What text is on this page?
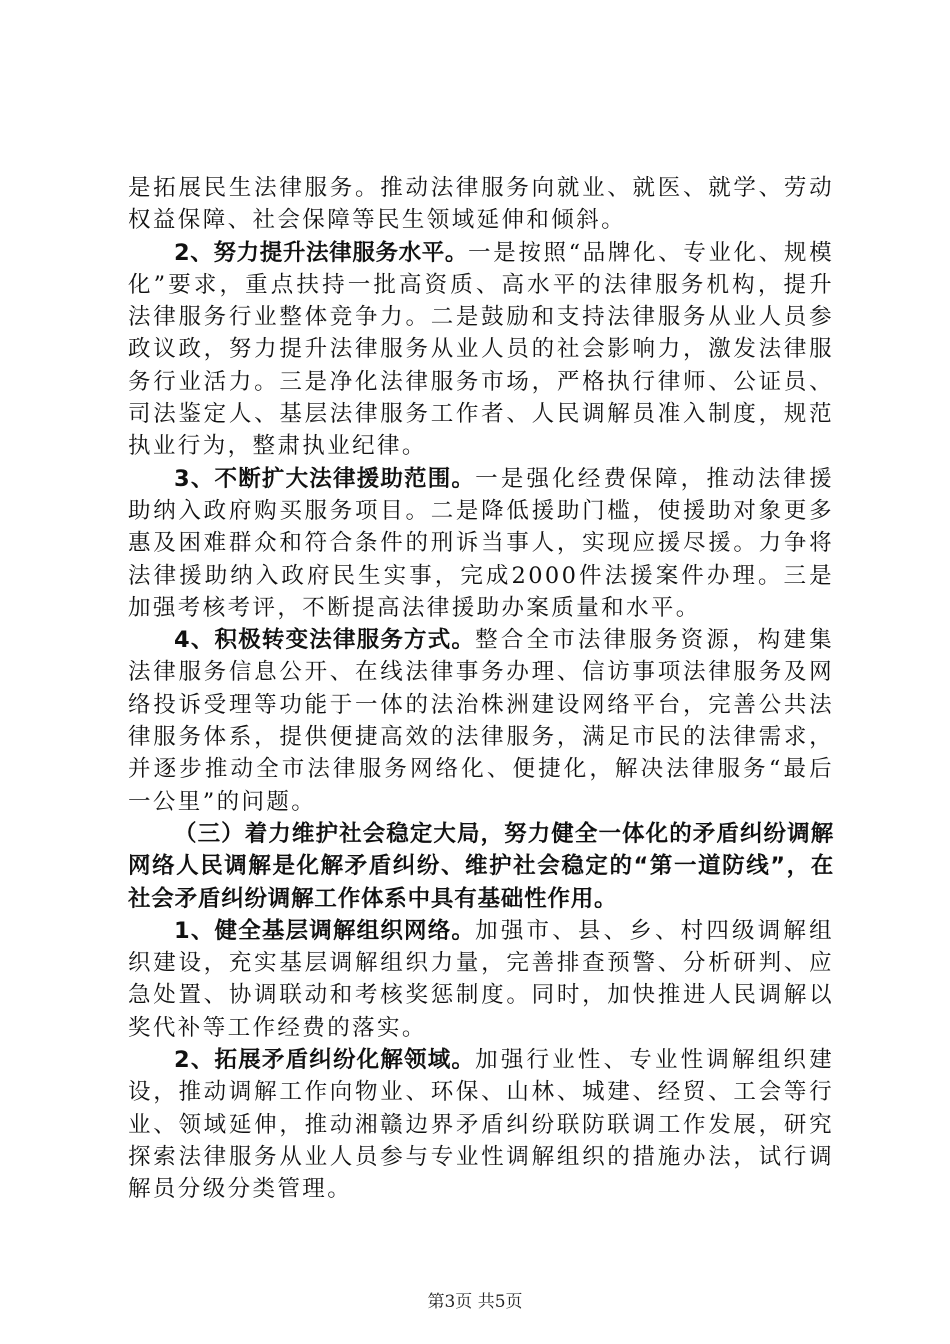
是拓展民生法律服务。推动法律服务向就业、就医、就学、劳动权益保障、社会保障等民生领域延伸和倾斜。

2、努力提升法律服务水平。一是按照“品牌化、专业化、规模化”要求，重点扶持一批高资质、高水平的法律服务机构，提升法律服务行业整体竞争力。二是鼓励和支持法律服务从业人员参政议政，努力提升法律服务从业人员的社会影响力，激发法律服务行业活力。三是净化法律服务市场，严格执行律师、公证员、司法鉴定人、基层法律服务工作者、人民调解员准入制度，规范执业行为，整肃执业纪律。

3、不断扩大法律援助范围。一是强化经费保障，推动法律援助纳入政府购买服务项目。二是降低援助门槛，使援助对象更多惠及困难群众和符合条件的刑诉当事人，实现应援尽援。力争将法律援助纳入政府民生实事，完成2000件法援案件办理。三是加强考核考评，不断提高法律援助办案质量和水平。

4、积极转变法律服务方式。整合全市法律服务资源，构建集法律服务信息公开、在线法律事务办理、信访事项法律服务及网络投诉受理等功能于一体的法治株洲建设网络平台，完善公共法律服务体系，提供便捷高效的法律服务，满足市民的法律需求，并逐步推动全市法律服务网络化、便捷化，解决法律服务“最后一公里”的问题。

（三）着力维护社会稳定大局，努力健全一体化的矛盾纠纷调解网络人民调解是化解矛盾纠纷、维护社会稳定的“第一道防线”，在社会矛盾纠纷调解工作体系中具有基础性作用。

1、健全基层调解组织网络。加强市、县、乡、村四级调解组织建设，充实基层调解组织力量，完善排查预警、分析研判、应急处置、协调联动和考核奖惩制度。同时，加快推进人民调解以奖代补等工作经费的落实。

2、拓展矛盾纠纷化解领域。加强行业性、专业性调解组织建设，推动调解工作向物业、环保、山林、城建、经贸、工会等行业、领域延伸，推动湘赣边界矛盾纠纷联防联调工作发展，研究探索法律服务从业人员参与专业性调解组织的措施办法，试行调解员分级分类管理。

第3页 共5页
